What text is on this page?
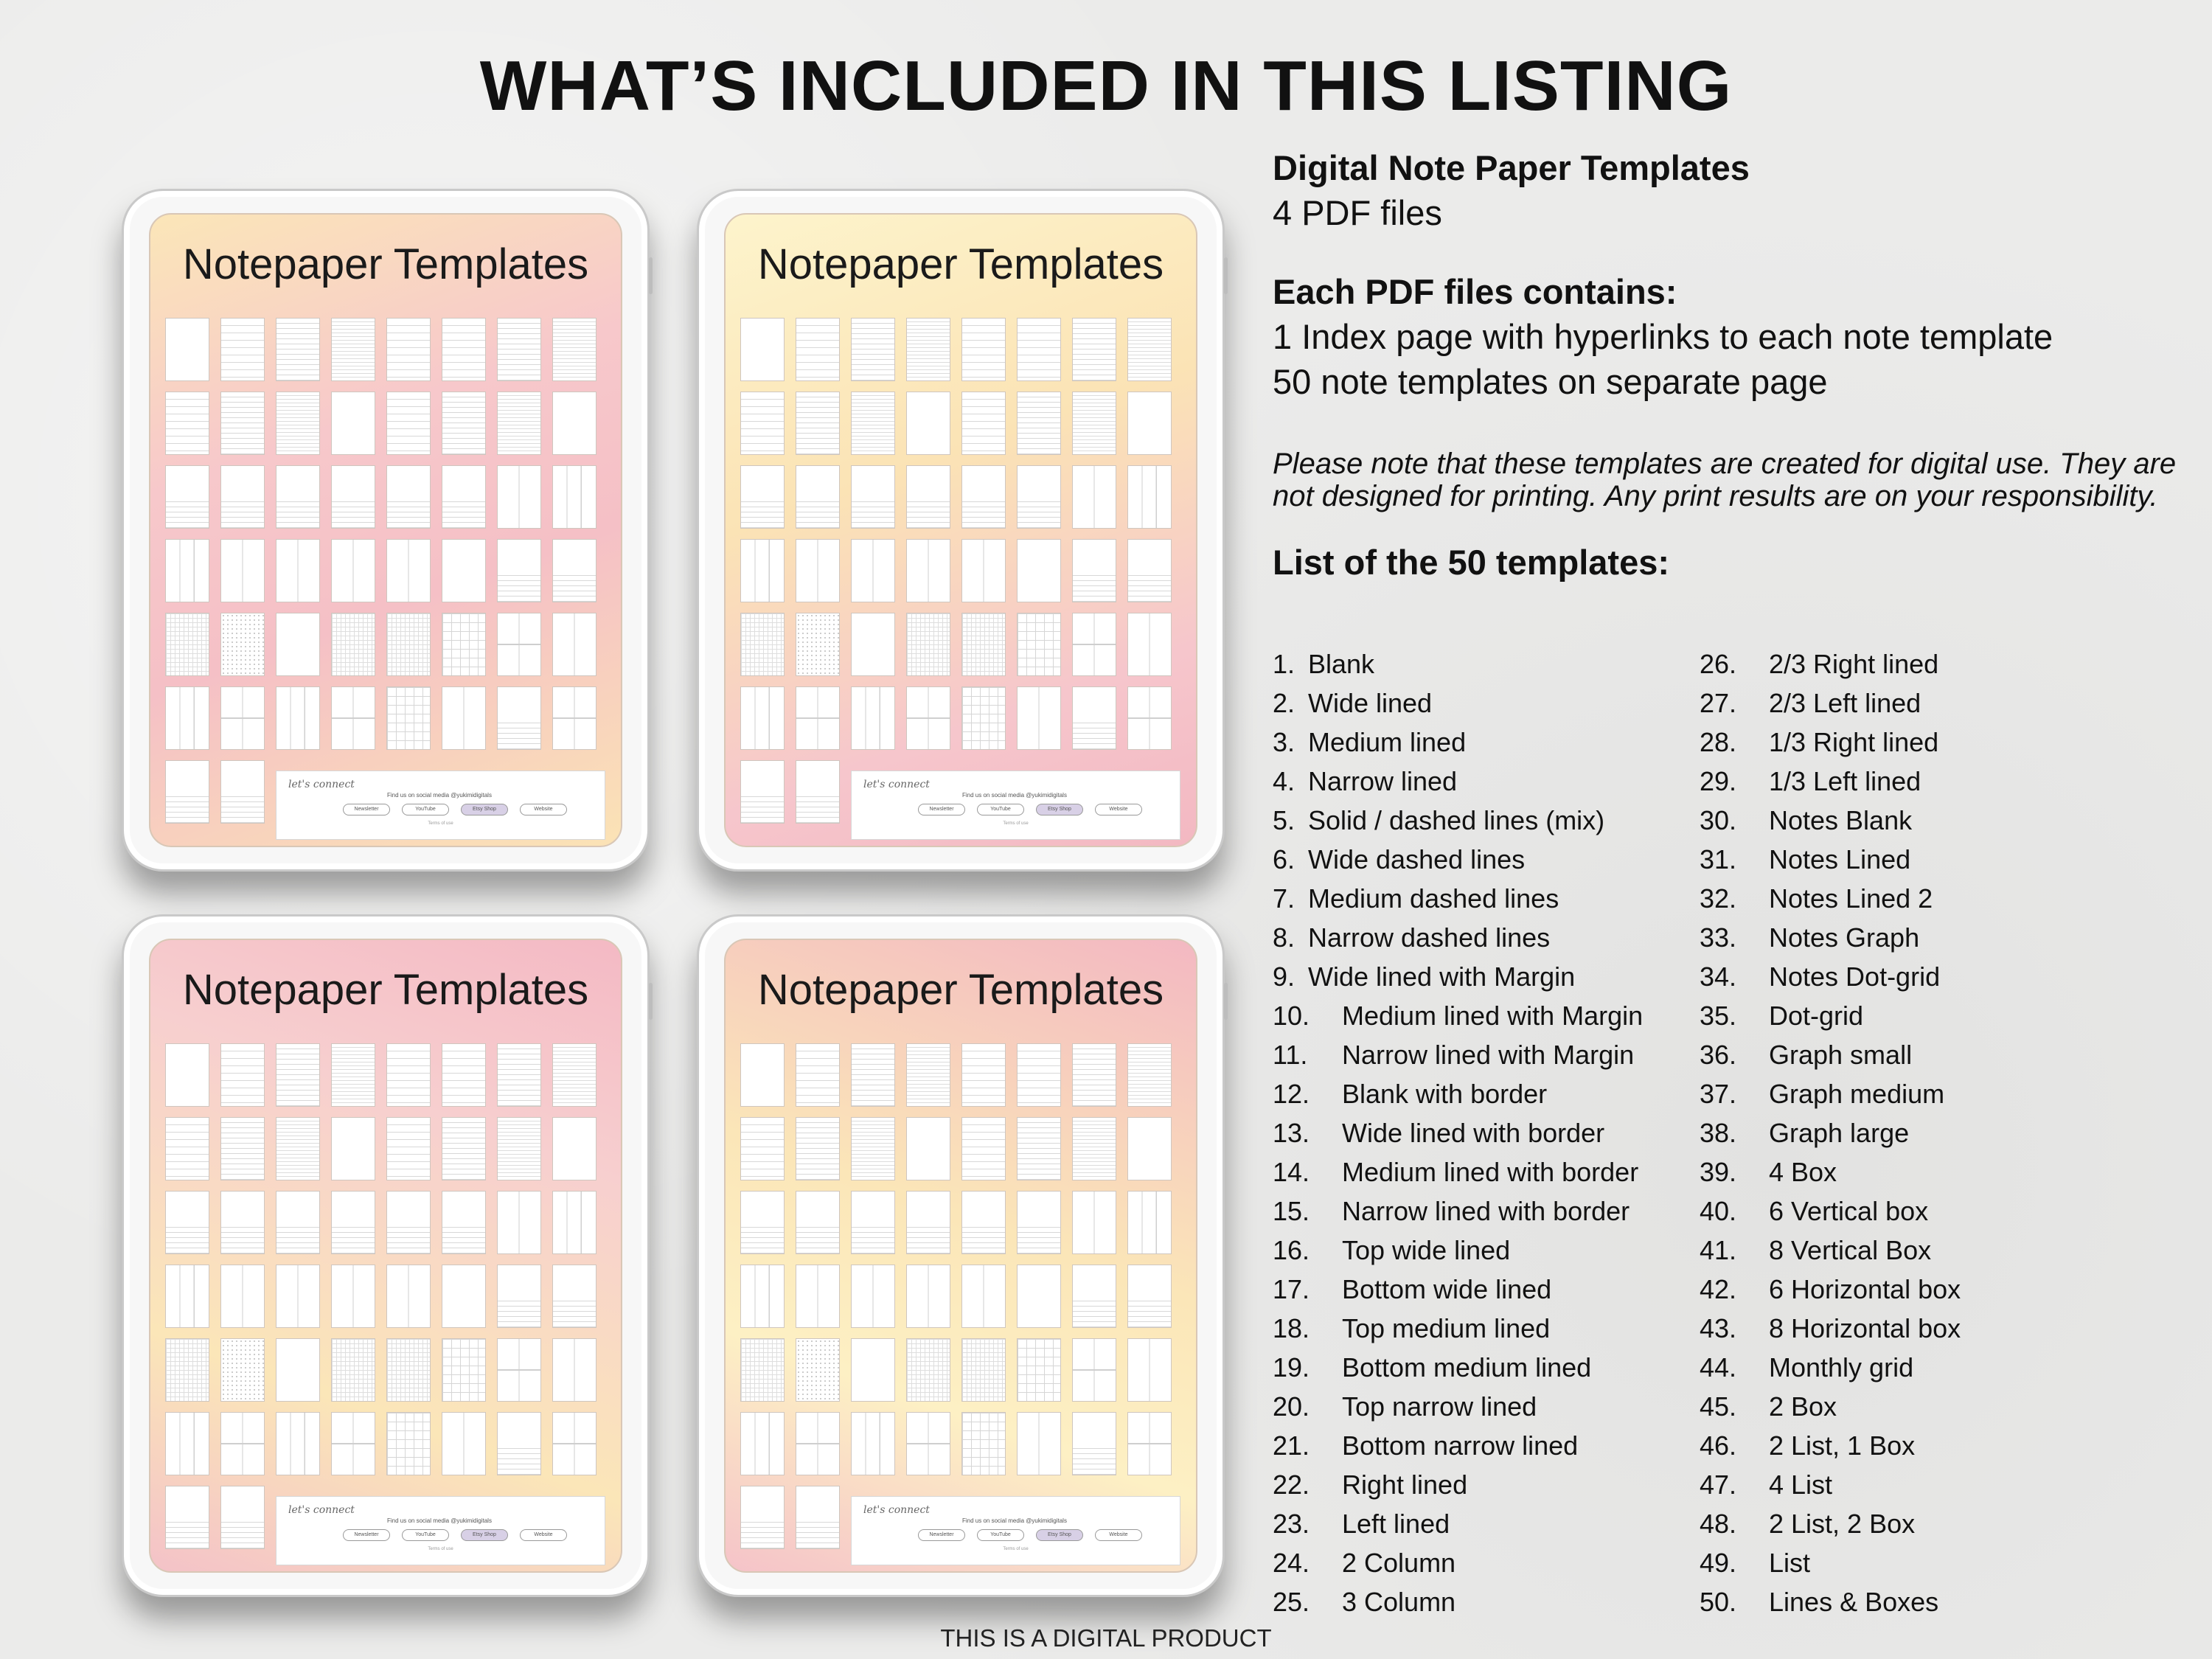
WHAT’S INCLUDED IN THIS LISTING
Notepaper Templates
let's connect
Find us on social media @yukimidigitals
Newsletter	YouTube	Etsy Shop	Website
Terms of use
Notepaper Templates
let's connect
Find us on social media @yukimidigitals
Newsletter	YouTube	Etsy Shop	Website
Terms of use
Notepaper Templates
let's connect
Find us on social media @yukimidigitals
Newsletter	YouTube	Etsy Shop	Website
Terms of use
Notepaper Templates
let's connect
Find us on social media @yukimidigitals
Newsletter	YouTube	Etsy Shop	Website
Terms of use

Digital Note Paper Templates

4 PDF files

Each PDF files contains:

1 Index page with hyperlinks to each note template

50 note templates on separate page

Please note that these templates are created for digital use. They are
not designed for printing. Any print results are on your responsibility.

List of the 50 templates:

1. Blank
2. Wide lined
3. Medium lined
4. Narrow lined
5. Solid / dashed lines (mix)
6. Wide dashed lines
7. Medium dashed lines
8. Narrow dashed lines
9. Wide lined with Margin
10. Medium lined with Margin
11. Narrow lined with Margin
12. Blank with border
13. Wide lined with border
14. Medium lined with border
15. Narrow lined with border
16. Top wide lined
17. Bottom wide lined
18. Top medium lined
19. Bottom medium lined
20. Top narrow lined
21. Bottom narrow lined
22. Right lined
23. Left lined
24. 2 Column
25. 3 Column
26. 2/3 Right lined
27. 2/3 Left lined
28. 1/3 Right lined
29. 1/3 Left lined
30. Notes Blank
31. Notes Lined
32. Notes Lined 2
33. Notes Graph
34. Notes Dot-grid
35. Dot-grid
36. Graph small
37. Graph medium
38. Graph large
39. 4 Box
40. 6 Vertical box
41. 8 Vertical Box
42. 6 Horizontal box
43. 8 Horizontal box
44. Monthly grid
45. 2 Box
46. 2 List, 1 Box
47. 4 List
48. 2 List, 2 Box
49. List
50. Lines & Boxes
THIS IS A DIGITAL PRODUCT
